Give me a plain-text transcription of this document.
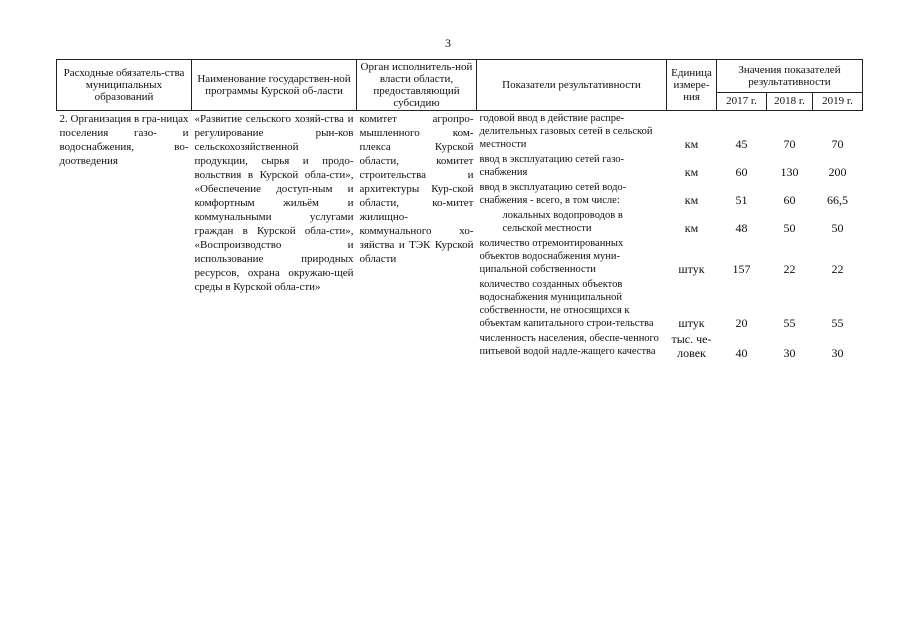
3
Расходные обязатель-ства муниципальных образований	Наименование государствен-ной программы Курской об-ласти	Орган исполнитель-ной власти области, предоставляющий субсидию	Показатели результативности	Единица измере-ния	Значения показателей результативности		
					2017 г.	2018 г.	2019 г.
2. Организация в гра-ницах поселения газо- и водоснабжения, во-доотведения	«Развитие сельского хозяй-ства и регулирование рын-ков сельскохозяйственной продукции, сырья и продо-вольствия в Курской обла-сти», «Обеспечение доступ-ным и комфортным жильём и коммунальными услугами граждан в Курской обла-сти», «Воспроизводство и использование природных ресурсов, охрана окружаю-щей среды в Курской обла-сти»	комитет агропро-мышленного ком-плекса Курской области, комитет строительства и архитектуры Кур-ской области, ко-митет жилищно-коммунального хо-зяйства и ТЭК Курской области	годовой ввод в действие распре-делительных газовых сетей в сельской местности	км	45	70	70
			ввод в эксплуатацию сетей газо-снабжения	км	60	130	200
			ввод в эксплуатацию сетей водо-снабжения - всего, в том числе:	км	51	60	66,5
			локальных водопроводов в сельской местности	км	48	50	50
			количество отремонтированных объектов водоснабжения муни-ципальной собственности	штук	157	22	22
			количество созданных объектов водоснабжения муниципальной собственности, не относящихся к объектам капитального строи-тельства	штук	20	55	55
			численность населения, обеспе-ченного питьевой водой надле-жащего качества	тыс. че-ловек	40	30	30
